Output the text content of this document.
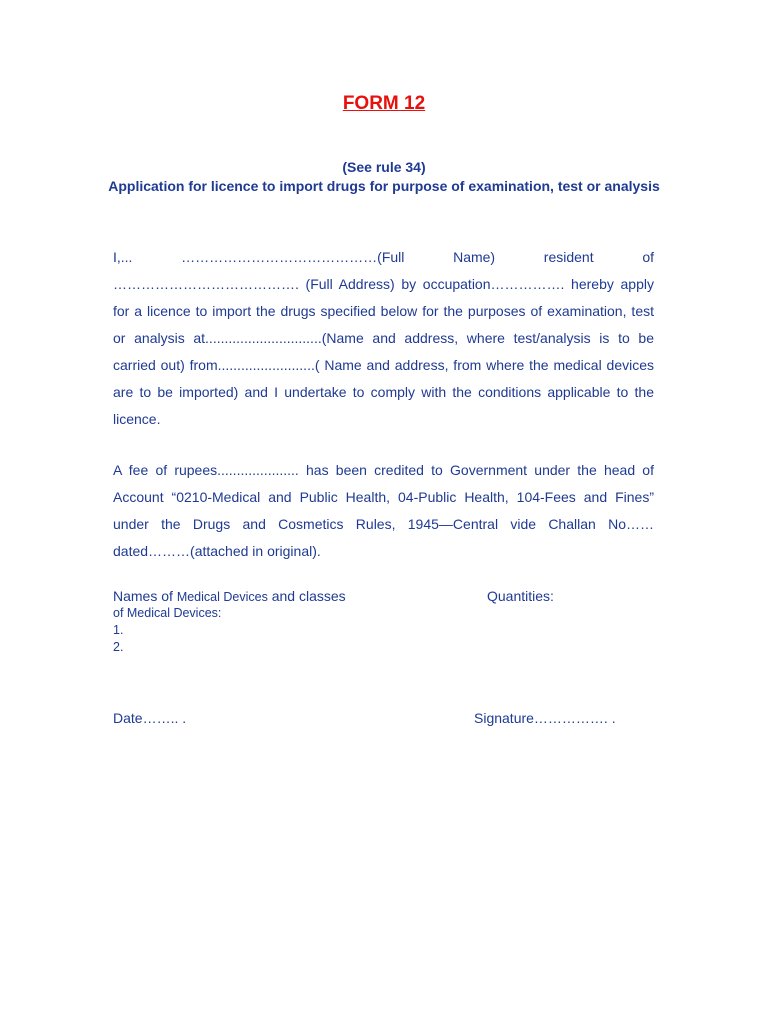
FORM 12
(See rule 34)
Application for licence to import drugs for purpose of examination, test or analysis
I,... ……………………………………(Full Name) resident of …………………………………. (Full Address) by occupation……………. hereby apply for a licence to import the drugs specified below for the purposes of examination, test or analysis at..............................(Name and address, where test/analysis is to be carried out) from.........................( Name and address, from where the medical devices are to be imported) and I undertake to comply with the conditions applicable to the licence.
A fee of rupees..................... has been credited to Government under the head of Account “0210-Medical and Public Health, 04-Public Health, 104-Fees and Fines” under the Drugs and Cosmetics Rules, 1945—Central vide Challan No……dated………(attached in original).
Names of Medical Devices and classes	Quantities:
of Medical Devices:
1.
2.
Date…….. .	Signature……………. .
